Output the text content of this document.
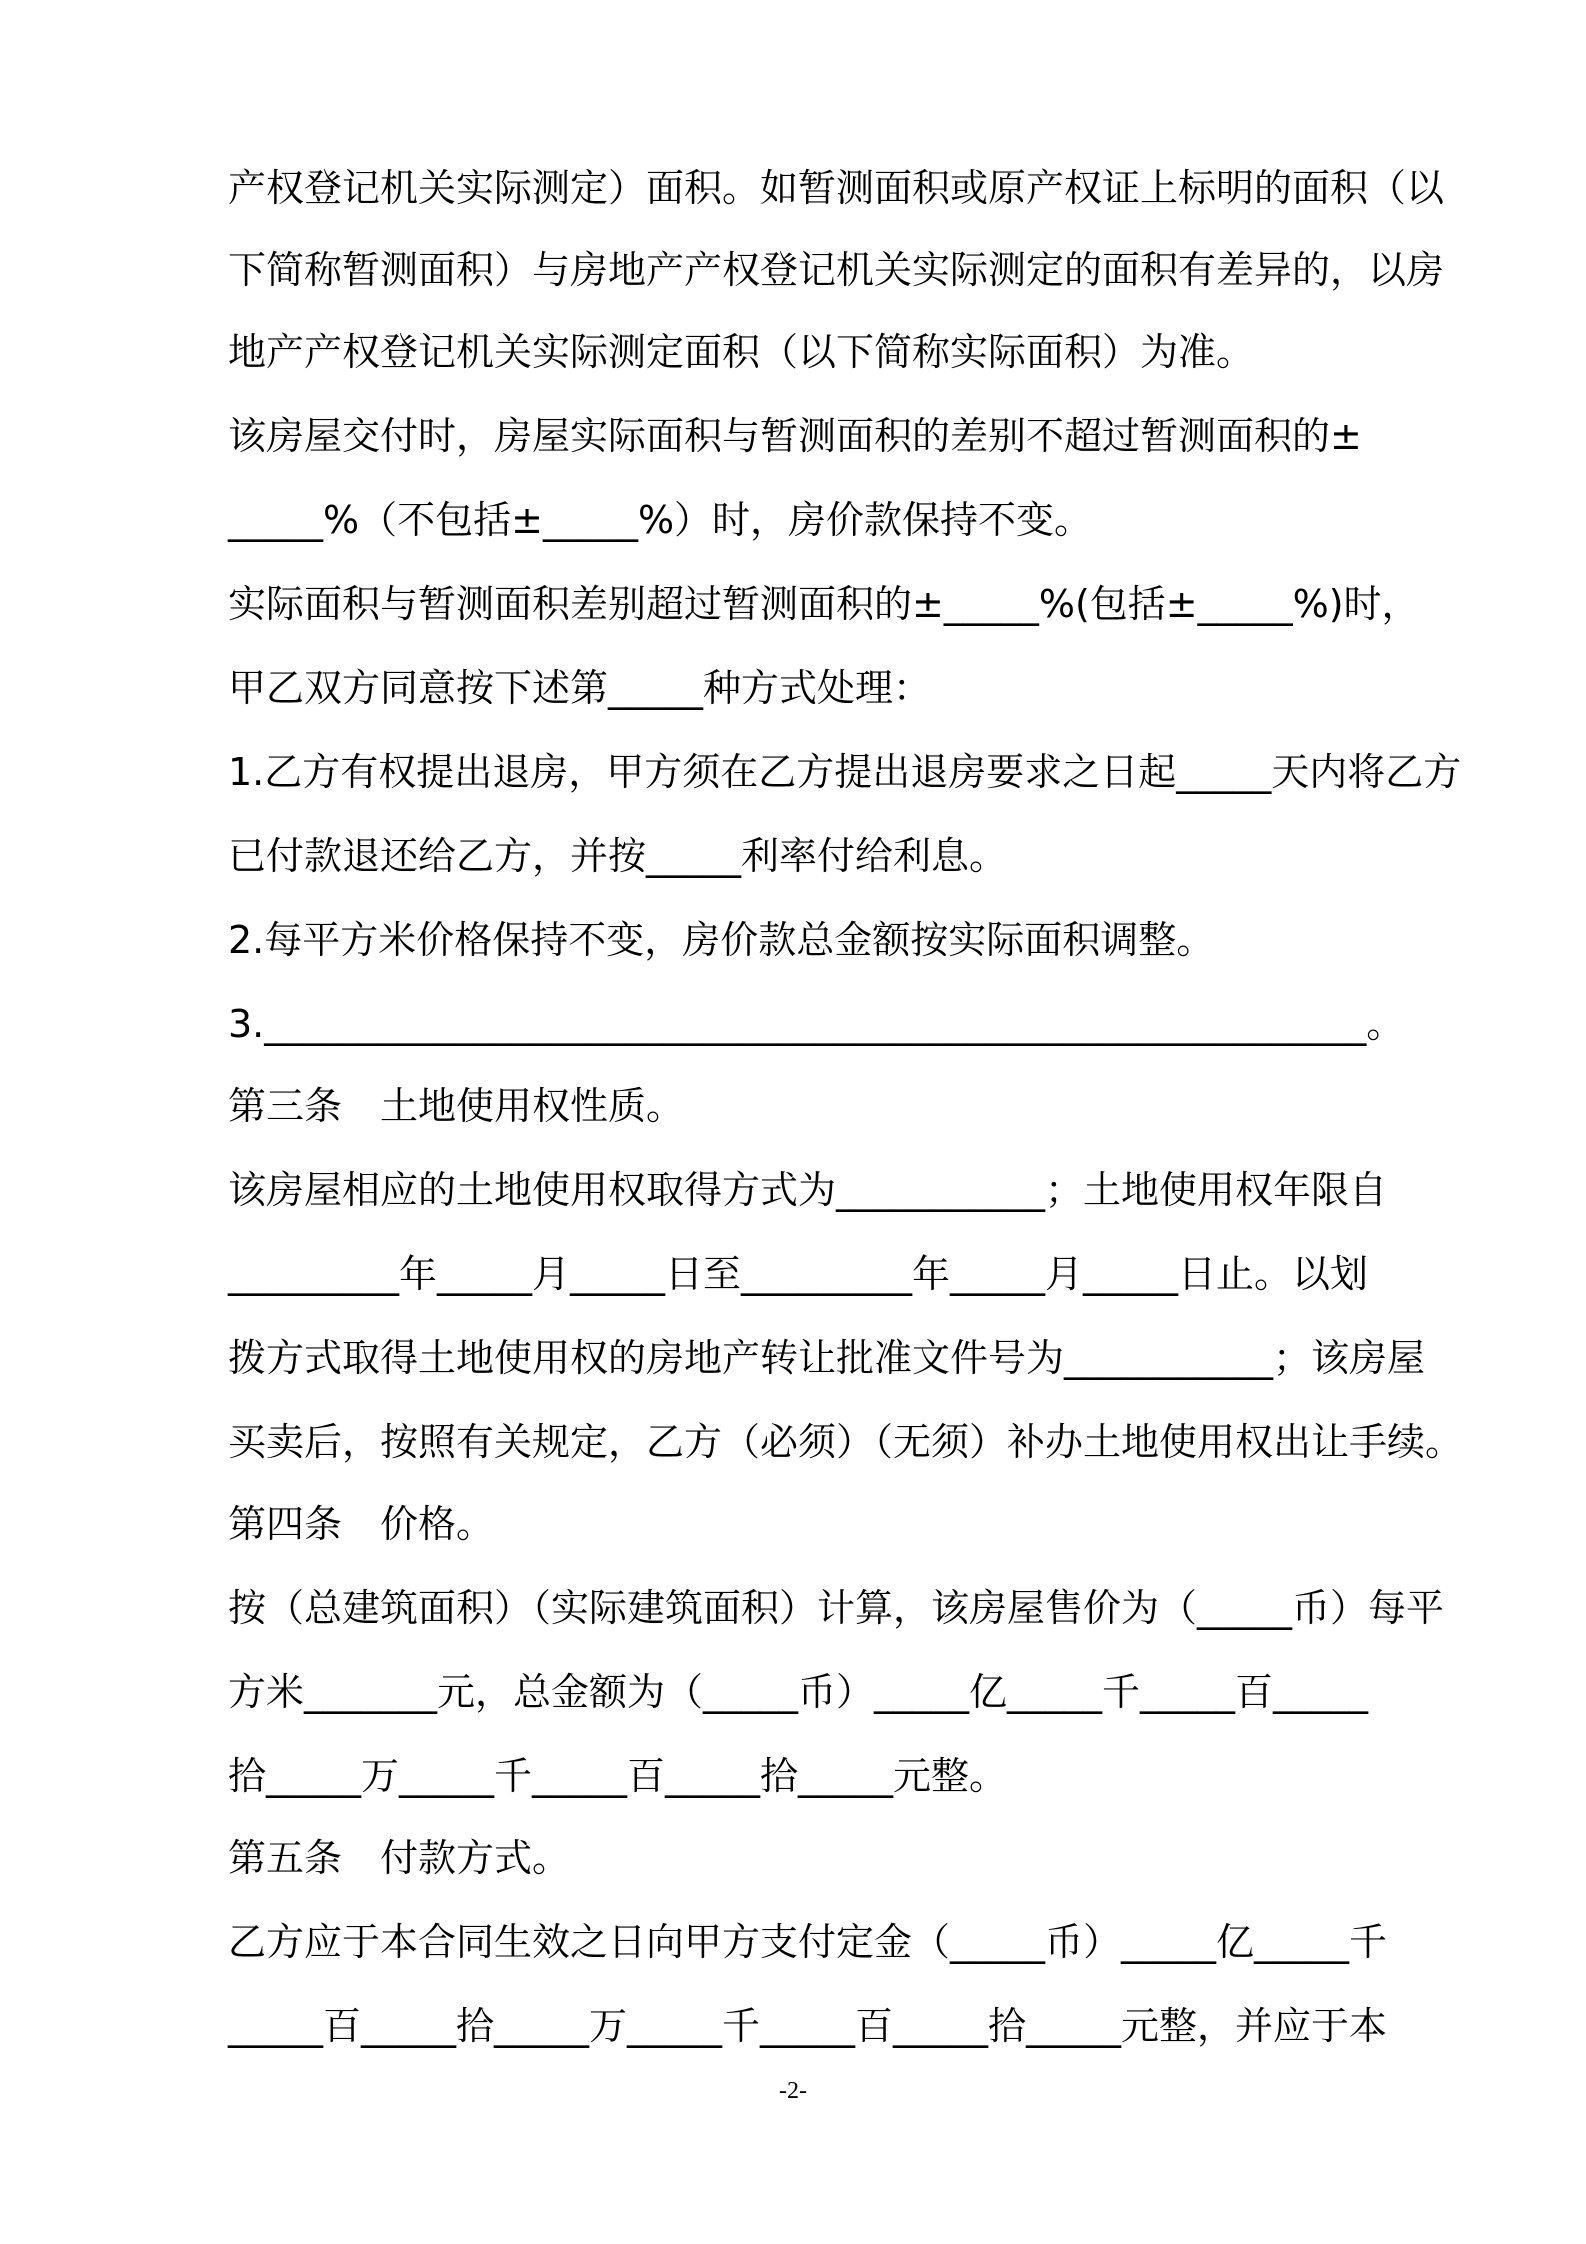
产权登记机关实际测定）面积。如暂测面积或原产权证上标明的面积（以
下简称暂测面积）与房地产产权登记机关实际测定的面积有差异的，以房
地产产权登记机关实际测定面积（以下简称实际面积）为准。
该房屋交付时，房屋实际面积与暂测面积的差别不超过暂测面积的±
_____%（不包括±_____%）时，房价款保持不变。
实际面积与暂测面积差别超过暂测面积的±_____%(包括±_____%)时，
甲乙双方同意按下述第_____种方式处理：
1.乙方有权提出退房，甲方须在乙方提出退房要求之日起_____天内将乙方
已付款退还给乙方，并按_____利率付给利息。
2.每平方米价格保持不变，房价款总金额按实际面积调整。
3.__________________________________________________________。
第三条　土地使用权性质。
该房屋相应的土地使用权取得方式为___________；土地使用权年限自
_________年_____月_____日至_________年_____月_____日止。以划
拨方式取得土地使用权的房地产转让批准文件号为___________；该房屋
买卖后，按照有关规定，乙方（必须）（无须）补办土地使用权出让手续。
第四条　价格。
按（总建筑面积）（实际建筑面积）计算，该房屋售价为（_____币）每平
方米_______元，总金额为（_____币）_____亿_____千_____百_____
拾_____万_____千_____百_____拾_____元整。
第五条　付款方式。
乙方应于本合同生效之日向甲方支付定金（_____币）_____亿_____千
_____百_____拾_____万_____千_____百_____拾_____元整，并应于本
-2-
